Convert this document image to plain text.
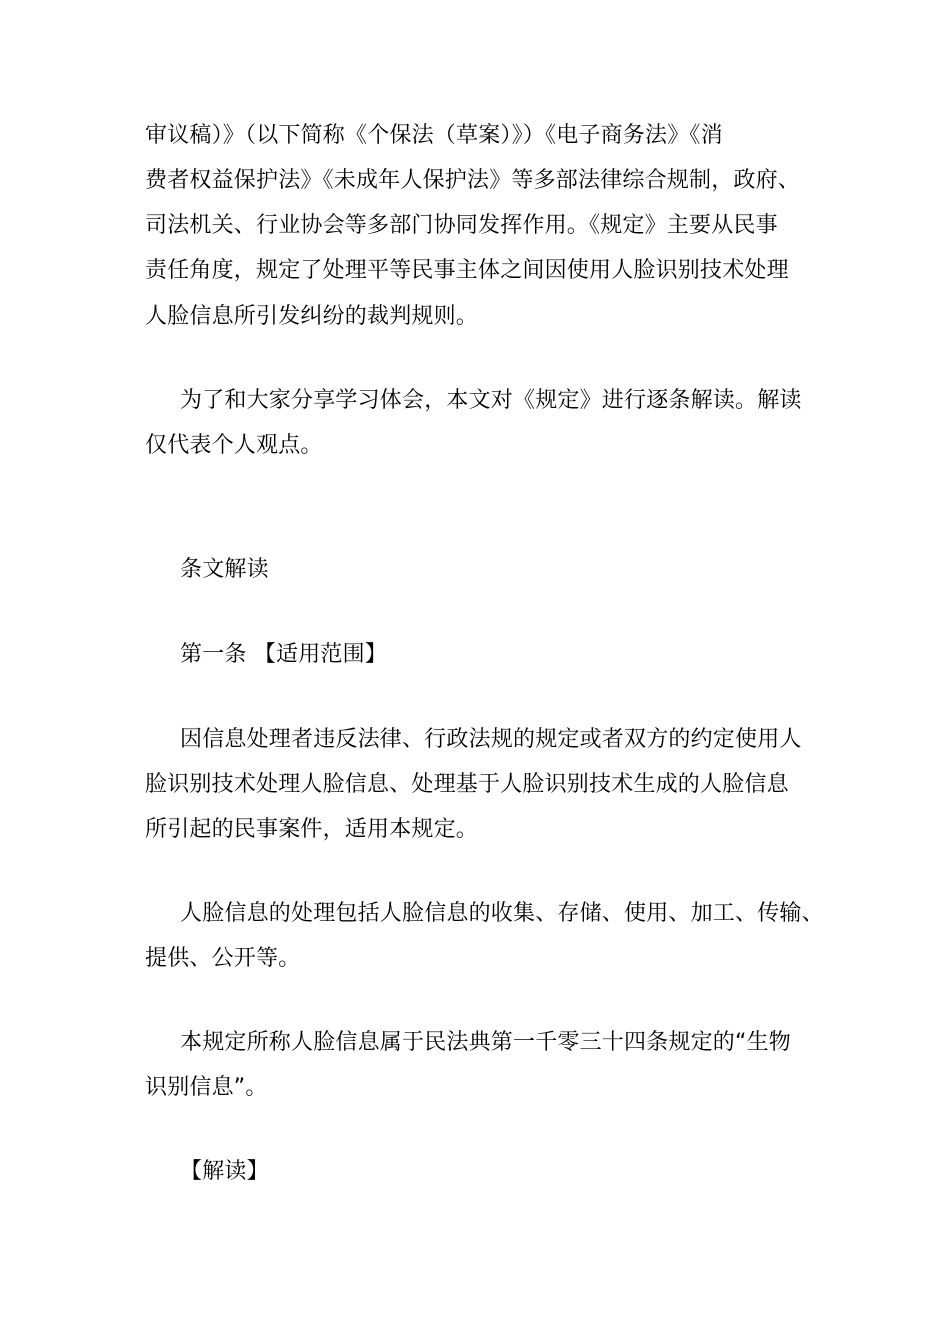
审议稿）》（以下简称《个保法（草案）》）《电子商务法》《消
费者权益保护法》《未成年人保护法》等多部法律综合规制，政府、
司法机关、行业协会等多部门协同发挥作用。《规定》主要从民事
责任角度，规定了处理平等民事主体之间因使用人脸识别技术处理
人脸信息所引发纠纷的裁判规则。
为了和大家分享学习体会，本文对《规定》进行逐条解读。解读
仅代表个人观点。
条文解读
第一条 【适用范围】
因信息处理者违反法律、行政法规的规定或者双方的约定使用人
脸识别技术处理人脸信息、处理基于人脸识别技术生成的人脸信息
所引起的民事案件，适用本规定。
人脸信息的处理包括人脸信息的收集、存储、使用、加工、传输、
提供、公开等。
本规定所称人脸信息属于民法典第一千零三十四条规定的“生物
识别信息”。
【解读】
